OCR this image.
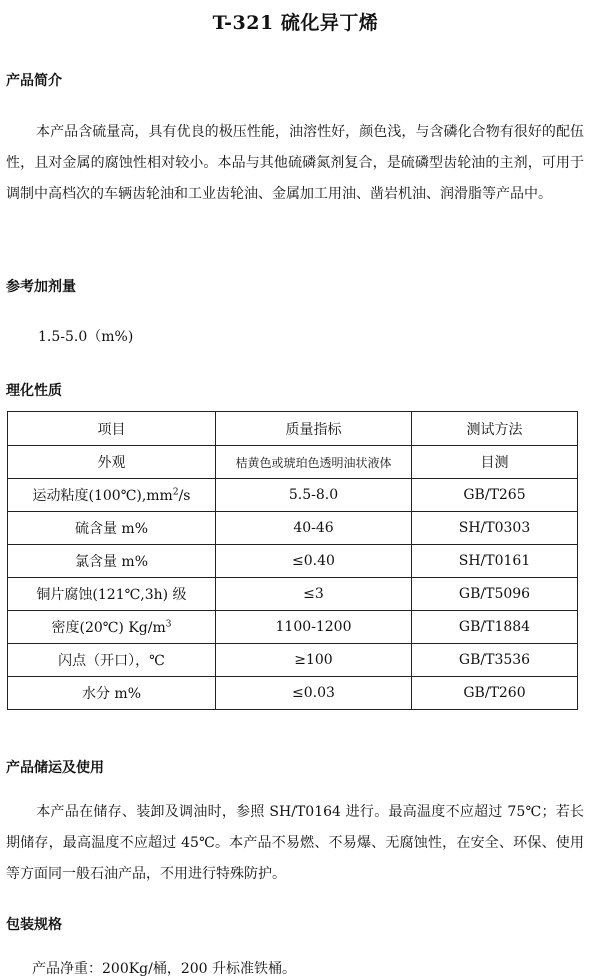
T-321 硫化异丁烯
产品简介

本产品含硫量高，具有优良的极压性能，油溶性好，颜色浅，与含磷化合物有很好的配伍性，且对金属的腐蚀性相对较小。本品与其他硫磷氮剂复合，是硫磷型齿轮油的主剂，可用于调制中高档次的车辆齿轮油和工业齿轮油、金属加工用油、凿岩机油、润滑脂等产品中。

参考加剂量

1.5-5.0（m%)

理化性质
项目	质量指标	测试方法
外观	桔黄色或琥珀色透明油状液体	目测
运动粘度$(100℃),mm^2/s$	5.5-8.0	GB/T265
硫含量 m%	40-46	SH/T0303
氯含量 m%	≤0.40	SH/T0161
铜片腐蚀(121℃,3h) 级	≤3	GB/T5096
密度(20℃) $Kg/m^3$	1100-1200	GB/T1884
闪点（开口），℃	≥100	GB/T3536
水分 m%	≤0.03	GB/T260
产品储运及使用

本产品在储存、装卸及调油时，参照 SH/T0164 进行。最高温度不应超过 75℃；若长期储存，最高温度不应超过 45℃。本产品不易燃、不易爆、无腐蚀性，在安全、环保、使用等方面同一般石油产品，不用进行特殊防护。

包装规格

产品净重：200Kg/桶，200 升标准铁桶。
